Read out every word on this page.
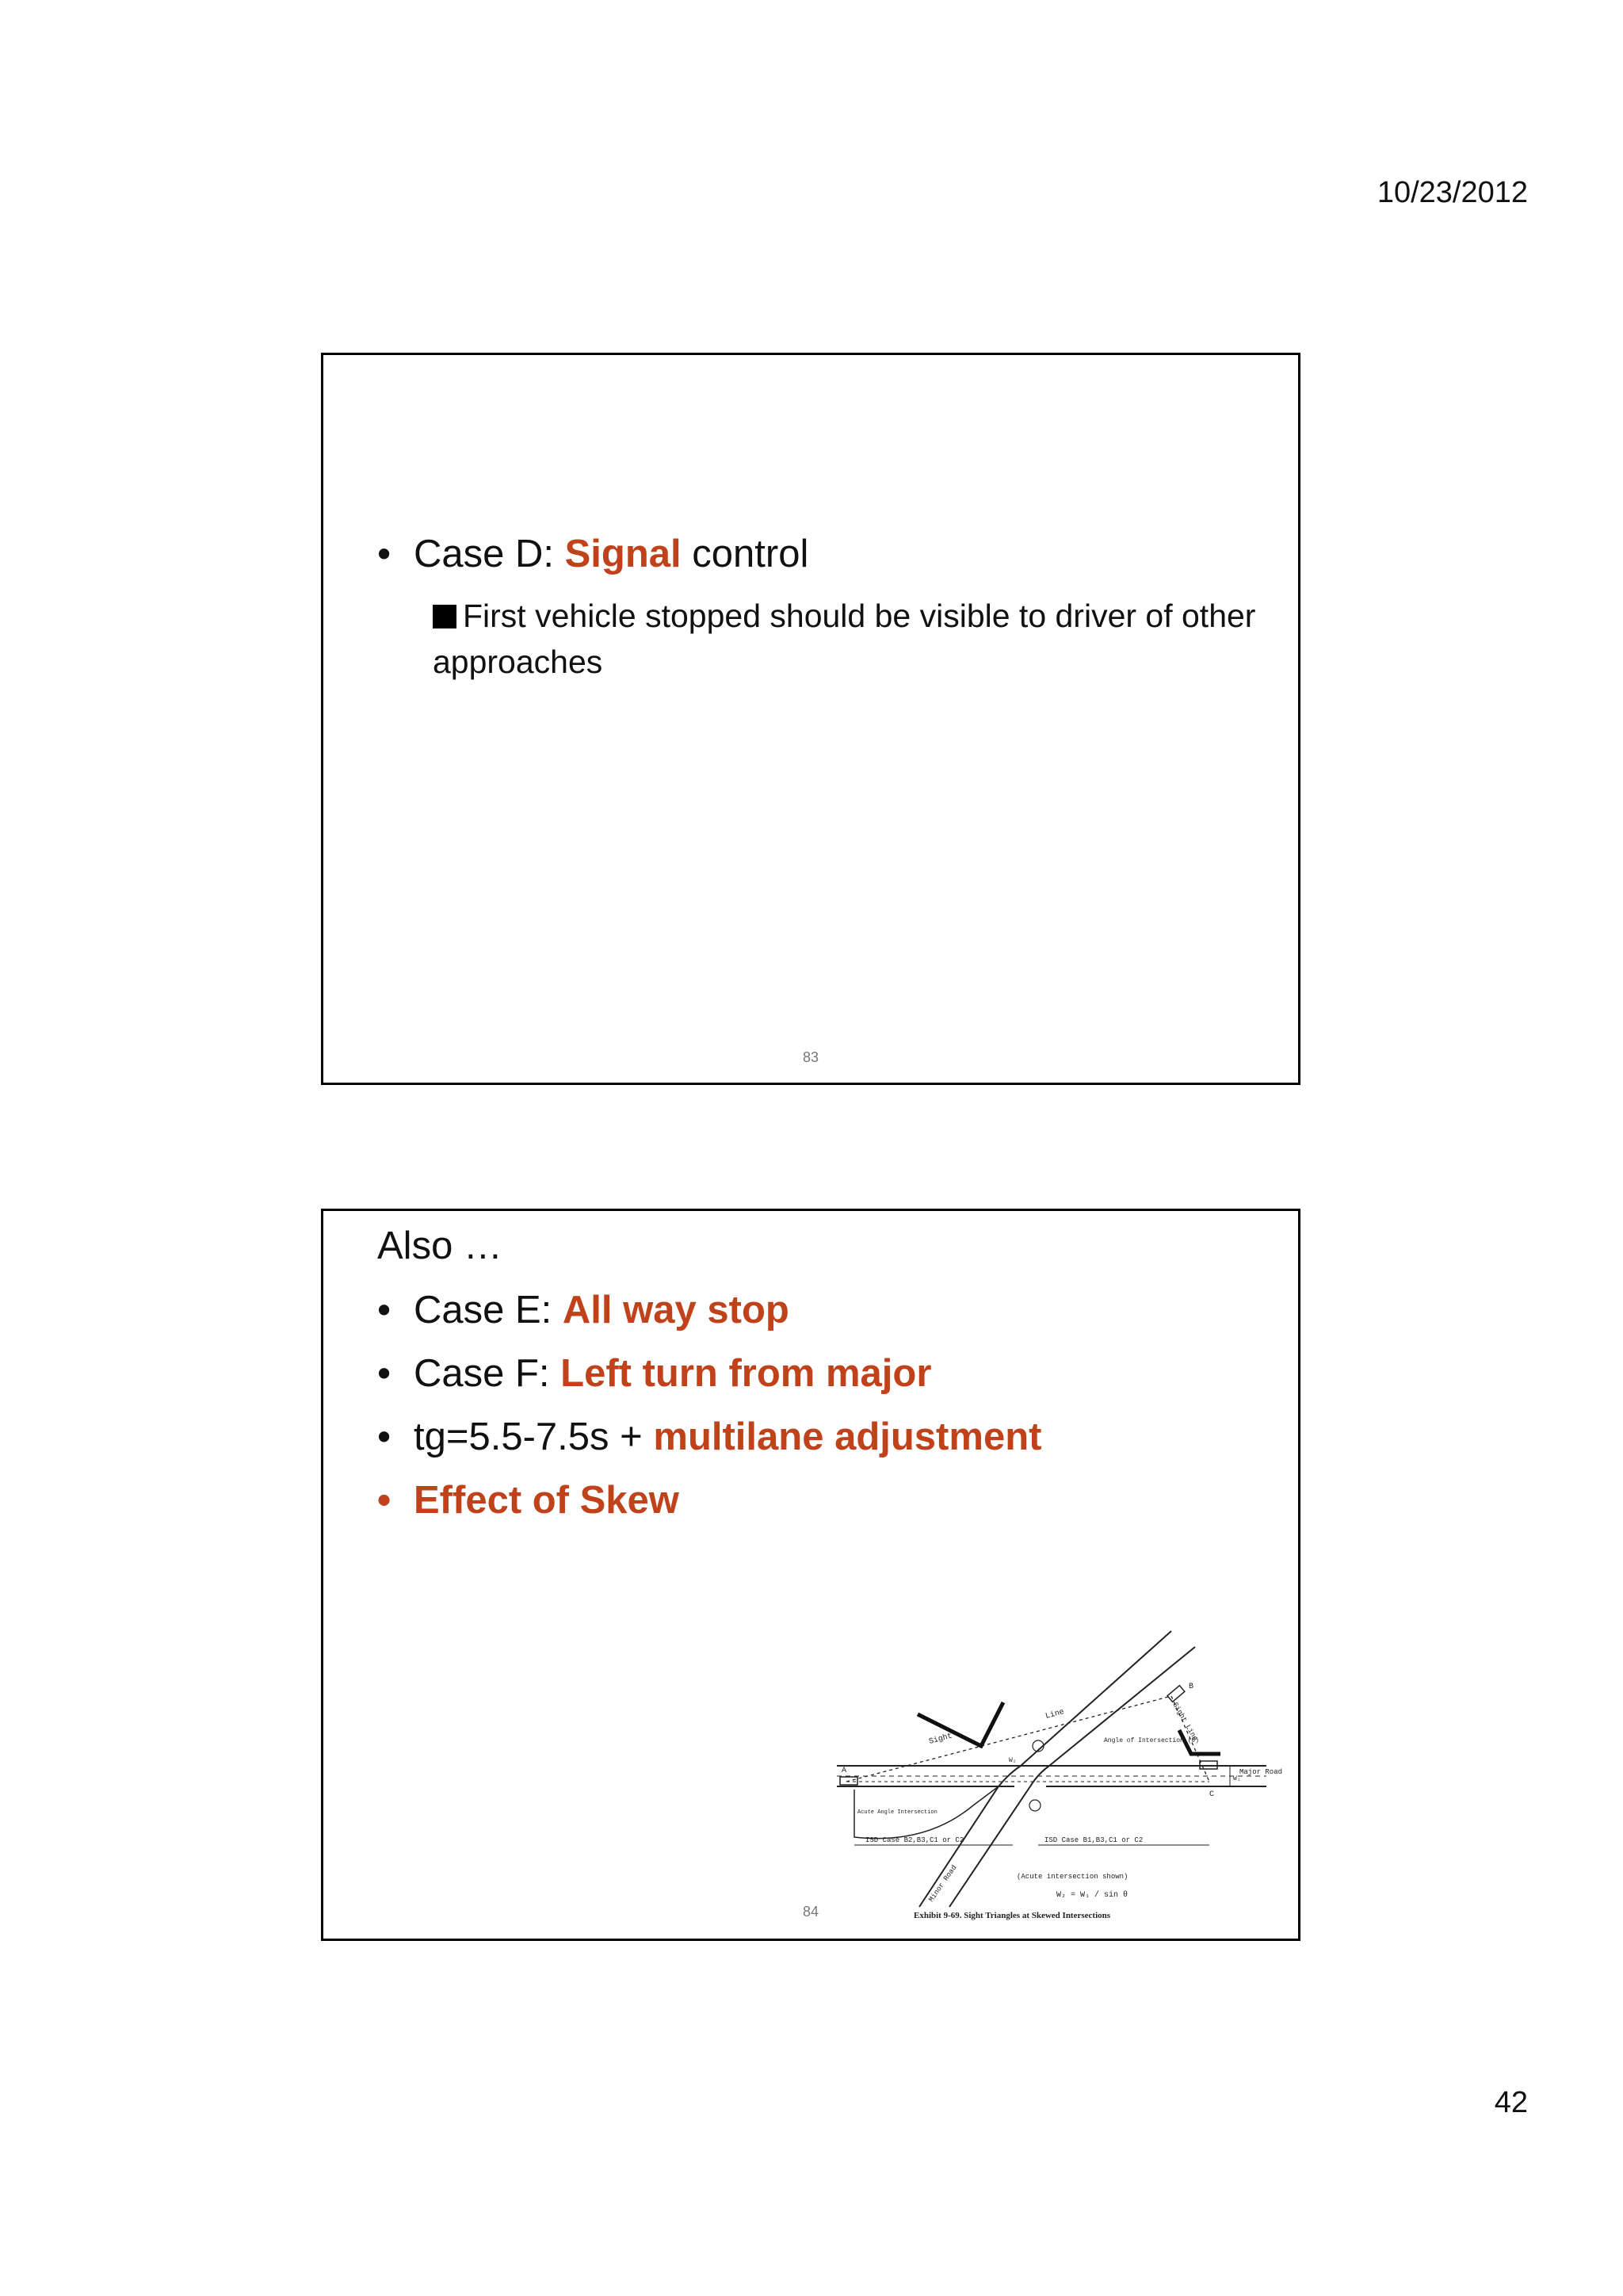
10/23/2012
• Case D: Signal control
First vehicle stopped should be visible to driver of other approaches
83
Also …
• Case E: All way stop
• Case F: Left turn from major
• tg=5.5-7.5s + multilane adjustment
• Effect of Skew
Sight
Line	Sight Line
Angle of Intersection (θ)
Major Road
Minor Road
Acute Angle Intersection
ISD Case B2,B3,C1 or C2	ISD Case B1,B3,C1 or C2
(Acute intersection shown)
W₂ = W₁ / sin θ
A
B
C
W₁
W₂
Exhibit 9-69. Sight Triangles at Skewed Intersections
84
42
